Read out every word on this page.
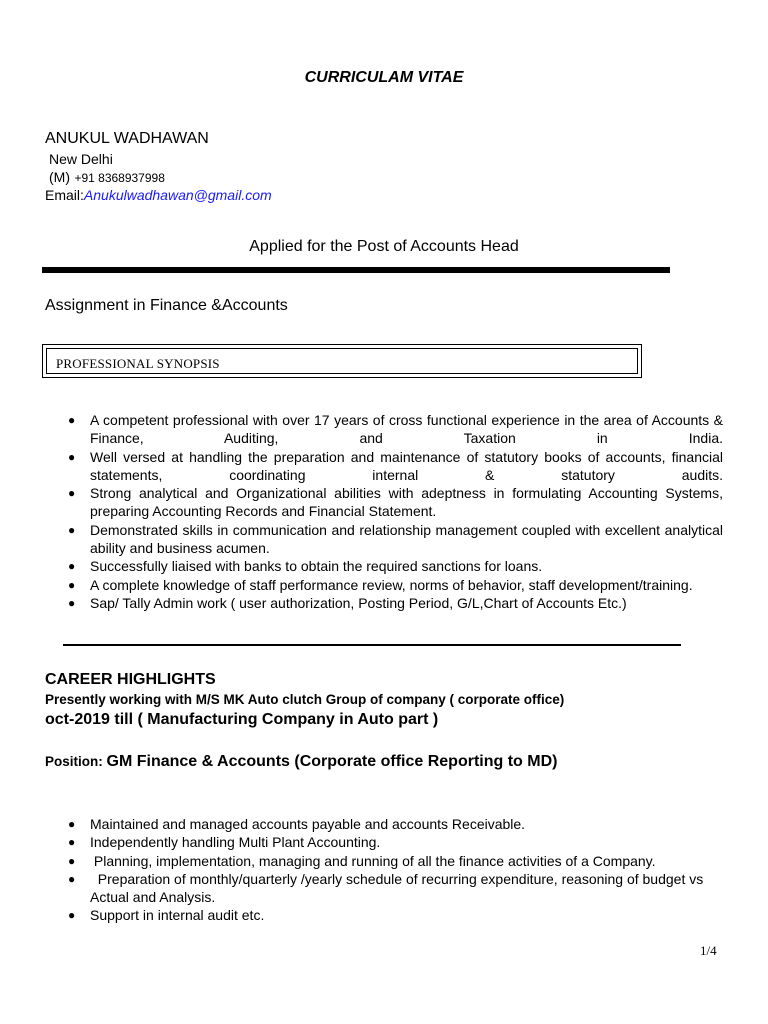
CURRICULAM VITAE
ANUKUL WADHAWAN
New Delhi
(M) +91 8368937998
Email:Anukulwadhawan@gmail.com
Applied for the Post of Accounts Head
Assignment in Finance &Accounts
PROFESSIONAL SYNOPSIS
● A competent professional with over 17 years of cross functional experience in the area of Accounts & Finance, Auditing, and Taxation in India.
● Well versed at handling the preparation and maintenance of statutory books of accounts, financial statements, coordinating internal & statutory audits.
● Strong analytical and Organizational abilities with adeptness in formulating Accounting Systems, preparing Accounting Records and Financial Statement.
● Demonstrated skills in communication and relationship management coupled with excellent analytical ability and business acumen.
● Successfully liaised with banks to obtain the required sanctions for loans.
● A complete knowledge of staff performance review, norms of behavior, staff development/training.
● Sap/ Tally Admin work ( user authorization, Posting Period, G/L,Chart of Accounts Etc.)
CAREER HIGHLIGHTS
Presently working with M/S MK Auto clutch Group of company ( corporate office)
oct-2019 till ( Manufacturing Company in Auto part )
Position: GM Finance & Accounts (Corporate office Reporting to MD)
● Maintained and managed accounts payable and accounts Receivable.
● Independently handling Multi Plant Accounting.
● Planning, implementation, managing and running of all the finance activities of a Company.
● Preparation of monthly/quarterly /yearly schedule of recurring expenditure, reasoning of budget vs Actual and Analysis.
● Support in internal audit etc.
1/4
